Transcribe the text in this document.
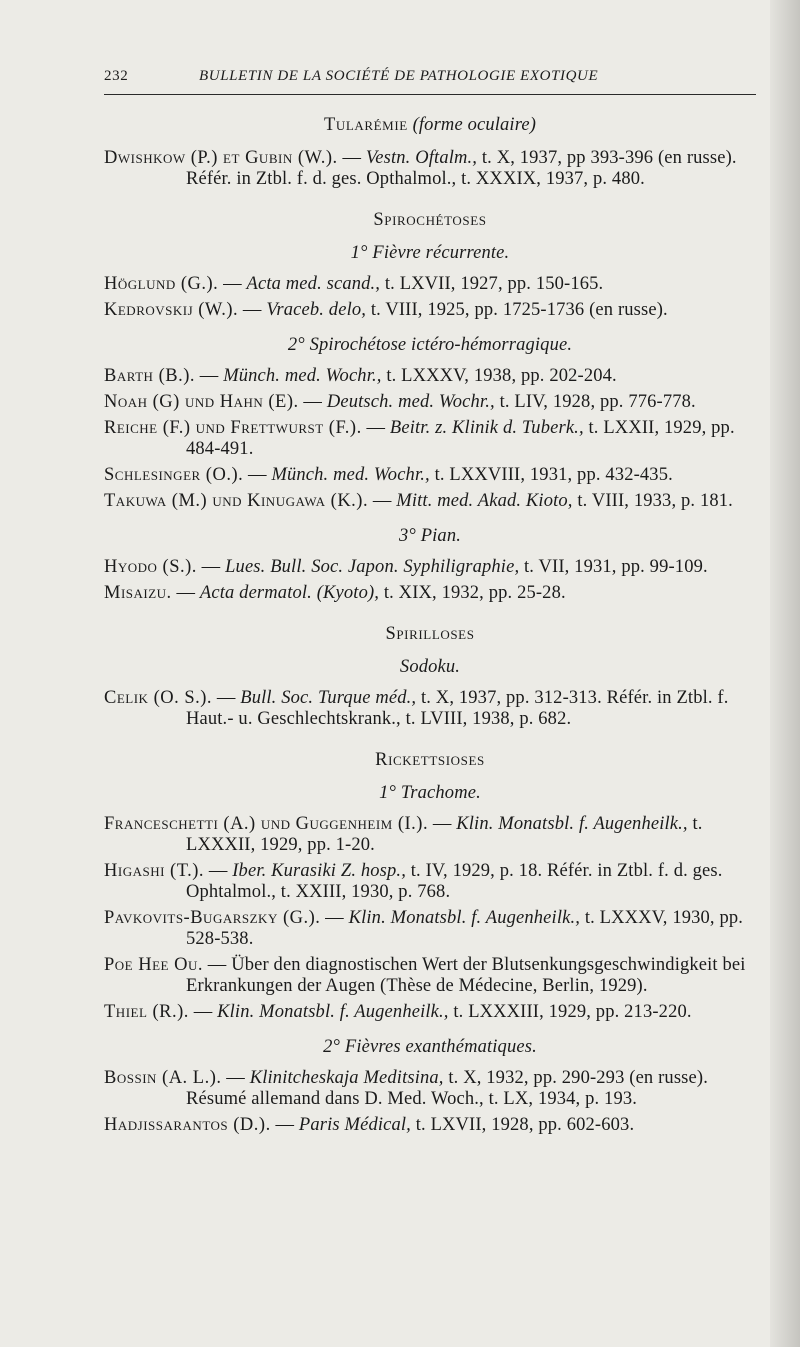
232	BULLETIN DE LA SOCIÉTÉ DE PATHOLOGIE EXOTIQUE
Tularémie (forme oculaire)

Dwishkow (P.) et Gubin (W.). — Vestn. Oftalm., t. X, 1937, pp 393-396 (en russe). Référ. in Ztbl. f. d. ges. Opthalmol., t. XXXIX, 1937, p. 480.

Spirochétoses
1° Fièvre récurrente.

Höglund (G.). — Acta med. scand., t. LXVII, 1927, pp. 150-165.

Kedrovskij (W.). — Vraceb. delo, t. VIII, 1925, pp. 1725-1736 (en russe).

2° Spirochétose ictéro-hémorragique.

Barth (B.). — Münch. med. Wochr., t. LXXXV, 1938, pp. 202-204.

Noah (G) und Hahn (E). — Deutsch. med. Wochr., t. LIV, 1928, pp. 776-778.

Reiche (F.) und Frettwurst (F.). — Beitr. z. Klinik d. Tuberk., t. LXXII, 1929, pp. 484-491.

Schlesinger (O.). — Münch. med. Wochr., t. LXXVIII, 1931, pp. 432-435.

Takuwa (M.) und Kinugawa (K.). — Mitt. med. Akad. Kioto, t. VIII, 1933, p. 181.

3° Pian.

Hyodo (S.). — Lues. Bull. Soc. Japon. Syphiligraphie, t. VII, 1931, pp. 99-109.

Misaizu. — Acta dermatol. (Kyoto), t. XIX, 1932, pp. 25-28.

Spirilloses
Sodoku.

Celik (O. S.). — Bull. Soc. Turque méd., t. X, 1937, pp. 312-313. Référ. in Ztbl. f. Haut.- u. Geschlechtskrank., t. LVIII, 1938, p. 682.

Rickettsioses
1° Trachome.

Franceschetti (A.) und Guggenheim (I.). — Klin. Monatsbl. f. Augenheilk., t. LXXXII, 1929, pp. 1-20.

Higashi (T.). — Iber. Kurasiki Z. hosp., t. IV, 1929, p. 18. Référ. in Ztbl. f. d. ges. Ophtalmol., t. XXIII, 1930, p. 768.

Pavkovits-Bugarszky (G.). — Klin. Monatsbl. f. Augenheilk., t. LXXXV, 1930, pp. 528-538.

Poe Hee Ou. — Über den diagnostischen Wert der Blutsenkungsgeschwindigkeit bei Erkrankungen der Augen (Thèse de Médecine, Berlin, 1929).

Thiel (R.). — Klin. Monatsbl. f. Augenheilk., t. LXXXIII, 1929, pp. 213-220.

2° Fièvres exanthématiques.

Bossin (A. L.). — Klinitcheskaja Meditsina, t. X, 1932, pp. 290-293 (en russe). Résumé allemand dans D. Med. Woch., t. LX, 1934, p. 193.

Hadjissarantos (D.). — Paris Médical, t. LXVII, 1928, pp. 602-603.
